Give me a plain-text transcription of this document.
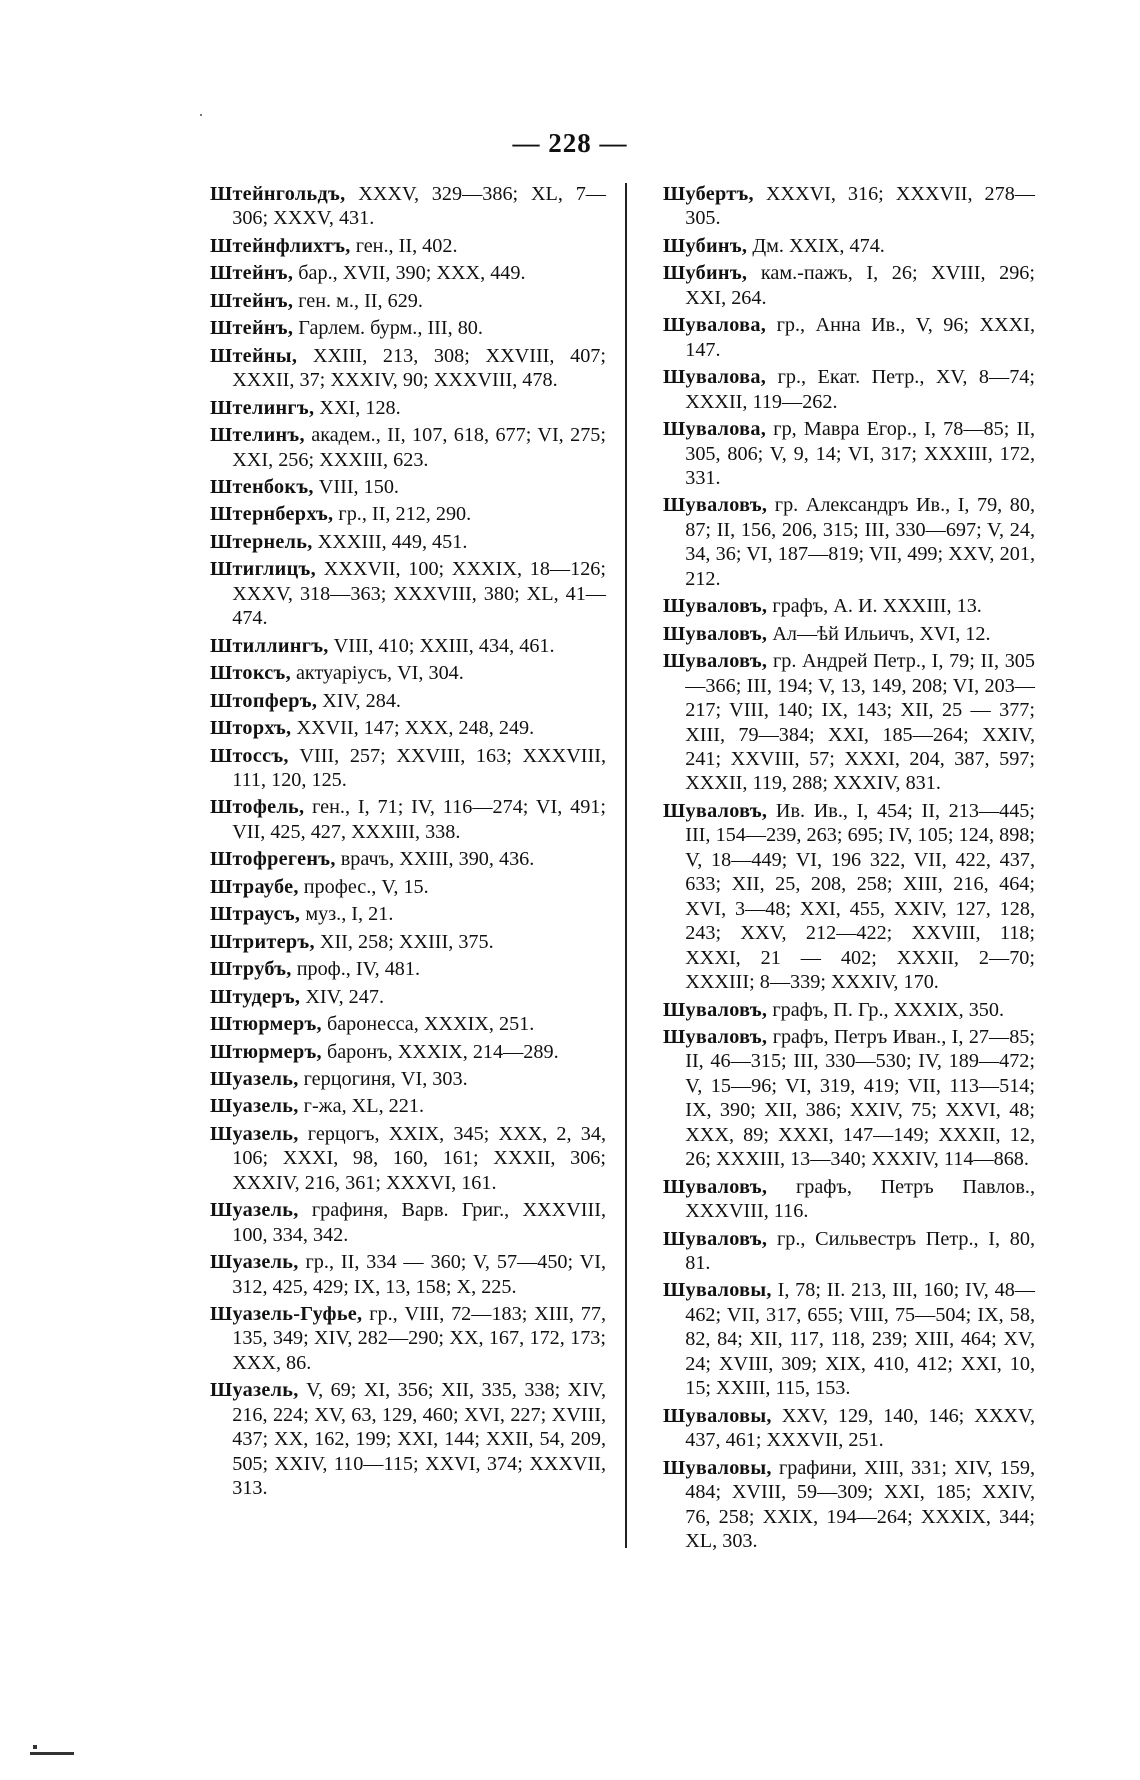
— 228 —

Штейнгольдъ, XXXV, 329—386; XL, 7—306; XXXV, 431.

Штейнфлихтъ, ген., II, 402.

Штейнъ, бар., XVII, 390; XXX, 449.

Штейнъ, ген. м., II, 629.

Штейнъ, Гарлем. бурм., III, 80.

Штейны, XXIII, 213, 308; XXVIII, 407; XXXII, 37; XXXIV, 90; XXXVIII, 478.

Штелингъ, XXI, 128.

Штелинъ, академ., II, 107, 618, 677; VI, 275; XXI, 256; XXXIII, 623.

Штенбокъ, VIII, 150.

Штернберхъ, гр., II, 212, 290.

Штернель, XXXIII, 449, 451.

Штиглицъ, XXXVII, 100; XXXIX, 18—126; XXXV, 318—363; XXXVIII, 380; XL, 41—474.

Штиллингъ, VIII, 410; XXIII, 434, 461.

Штоксъ, актуаріусъ, VI, 304.

Штопферъ, XIV, 284.

Шторхъ, XXVII, 147; XXX, 248, 249.

Штоссъ, VIII, 257; XXVIII, 163; XXXVIII, 111, 120, 125.

Штофель, ген., I, 71; IV, 116—274; VI, 491; VII, 425, 427, XXXIII, 338.

Штофрегенъ, врачъ, XXIII, 390, 436.

Штраубе, профес., V, 15.

Штраусъ, муз., I, 21.

Штритеръ, XII, 258; XXIII, 375.

Штрубъ, проф., IV, 481.

Штудеръ, XIV, 247.

Штюрмеръ, баронесса, XXXIX, 251.

Штюрмеръ, баронъ, XXXIX, 214—289.

Шуазель, герцогиня, VI, 303.

Шуазель, г-жа, XL, 221.

Шуазель, герцогъ, XXIX, 345; XXX, 2, 34, 106; XXXI, 98, 160, 161; XXXII, 306; XXXIV, 216, 361; XXXVI, 161.

Шуазель, графиня, Варв. Григ., XXXVIII, 100, 334, 342.

Шуазель, гр., II, 334 — 360; V, 57—450; VI, 312, 425, 429; IX, 13, 158; X, 225.

Шуазель-Гуфье, гр., VIII, 72—183; XIII, 77, 135, 349; XIV, 282—290; XX, 167, 172, 173; XXX, 86.

Шуазель, V, 69; XI, 356; XII, 335, 338; XIV, 216, 224; XV, 63, 129, 460; XVI, 227; XVIII, 437; XX, 162, 199; XXI, 144; XXII, 54, 209, 505; XXIV, 110—115; XXVI, 374; XXXVII, 313.

Шубертъ, XXXVI, 316; XXXVII, 278—305.

Шубинъ, Дм. XXIX, 474.

Шубинъ, кам.-пажъ, I, 26; XVIII, 296; XXI, 264.

Шувалова, гр., Анна Ив., V, 96; XXXI, 147.

Шувалова, гр., Екат. Петр., XV, 8—74; XXXII, 119—262.

Шувалова, гр, Мавра Егор., I, 78—85; II, 305, 806; V, 9, 14; VI, 317; XXXIII, 172, 331.

Шуваловъ, гр. Александръ Ив., I, 79, 80, 87; II, 156, 206, 315; III, 330—697; V, 24, 34, 36; VI, 187—819; VII, 499; XXV, 201, 212.

Шуваловъ, графъ, А. И. XXXIII, 13.

Шуваловъ, Ал—ѣй Ильичъ, XVI, 12.

Шуваловъ, гр. Андрей Петр., I, 79; II, 305—366; III, 194; V, 13, 149, 208; VI, 203—217; VIII, 140; IX, 143; XII, 25 — 377; XIII, 79—384; XXI, 185—264; XXIV, 241; XXVIII, 57; XXXI, 204, 387, 597; XXXII, 119, 288; XXXIV, 831.

Шуваловъ, Ив. Ив., I, 454; II, 213—445; III, 154—239, 263; 695; IV, 105; 124, 898; V, 18—449; VI, 196 322, VII, 422, 437, 633; XII, 25, 208, 258; XIII, 216, 464; XVI, 3—48; XXI, 455, XXIV, 127, 128, 243; XXV, 212—422; XXVIII, 118; XXXI, 21 — 402; XXXII, 2—70; XXXIII; 8—339; XXXIV, 170.

Шуваловъ, графъ, П. Гр., XXXIX, 350.

Шуваловъ, графъ, Петръ Иван., I, 27—85; II, 46—315; III, 330—530; IV, 189—472; V, 15—96; VI, 319, 419; VII, 113—514; IX, 390; XII, 386; XXIV, 75; XXVI, 48; XXX, 89; XXXI, 147—149; XXXII, 12, 26; XXXIII, 13—340; XXXIV, 114—868.

Шуваловъ, графъ, Петръ Павлов., XXXVIII, 116.

Шуваловъ, гр., Сильвестръ Петр., I, 80, 81.

Шуваловы, I, 78; II. 213, III, 160; IV, 48—462; VII, 317, 655; VIII, 75—504; IX, 58, 82, 84; XII, 117, 118, 239; XIII, 464; XV, 24; XVIII, 309; XIX, 410, 412; XXI, 10, 15; XXIII, 115, 153.

Шуваловы, XXV, 129, 140, 146; XXXV, 437, 461; XXXVII, 251.

Шуваловы, графини, XIII, 331; XIV, 159, 484; XVIII, 59—309; XXI, 185; XXIV, 76, 258; XXIX, 194—264; XXXIX, 344; XL, 303.
